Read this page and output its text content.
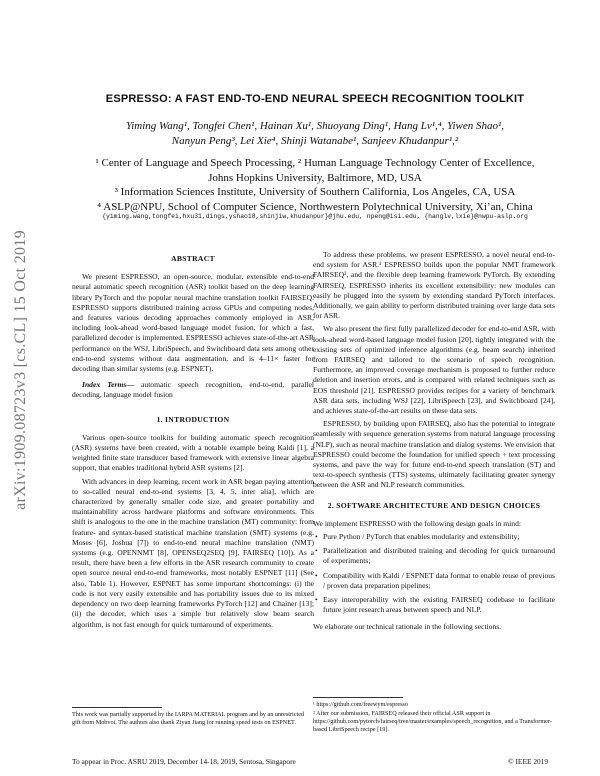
arXiv:1909.08723v3 [cs.CL] 15 Oct 2019
ESPRESSO: A FAST END-TO-END NEURAL SPEECH RECOGNITION TOOLKIT
Yiming Wang¹, Tongfei Chen¹, Hainan Xu¹, Shuoyang Ding¹, Hang Lv¹,⁴, Yiwen Shao¹,
Nanyun Peng³, Lei Xie⁴, Shinji Watanabe¹, Sanjeev Khudanpur¹,²
¹ Center of Language and Speech Processing, ² Human Language Technology Center of Excellence,
Johns Hopkins University, Baltimore, MD, USA
³ Information Sciences Institute, University of Southern California, Los Angeles, CA, USA
⁴ ASLP@NPU, School of Computer Science, Northwestern Polytechnical University, Xi’an, China
{yiming.wang,tongfei,hxu31,dings,yshao18,shinjiw,khudanpur}@jhu.edu, npeng@isi.edu, {hanglv,lxie}@nwpu-aslp.org
ABSTRACT
We present ESPRESSO, an open-source, modular, extensible end-to-end neural automatic speech recognition (ASR) toolkit based on the deep learning library PyTorch and the popular neural machine translation toolkit FAIRSEQ. ESPRESSO supports distributed training across GPUs and computing nodes, and features various decoding approaches commonly employed in ASR, including look-ahead word-based language model fusion, for which a fast, parallelized decoder is implemented. ESPRESSO achieves state-of-the-art ASR performance on the WSJ, LibriSpeech, and Switchboard data sets among other end-to-end systems without data augmentation, and is 4–11× faster for decoding than similar systems (e.g. ESPNET).
Index Terms— automatic speech recognition, end-to-end, parallel decoding, language model fusion
1. INTRODUCTION
Various open-source toolkits for building automatic speech recognition (ASR) systems have been created, with a notable example being Kaldi [1], a weighted finite state transducer based framework with extensive linear algebra support, that enables traditional hybrid ASR systems [2].
With advances in deep learning, recent work in ASR began paying attention to so-called neural end-to-end systems [3, 4, 5, inter alia], which are characterized by generally smaller code size, and greater portability and maintainability across hardware platforms and software environments. This shift is analogous to the one in the machine translation (MT) community: from feature- and syntax-based statistical machine translation (SMT) systems (e.g. Moses [6], Joshua [7]) to end-to-end neural machine translation (NMT) systems (e.g. OPENNMT [8], OPENSEQ2SEQ [9], FAIRSEQ [10]). As a result, there have been a few efforts in the ASR research community to create open source neural end-to-end frameworks, most notably ESPNET [11] (See also, Table 1). However, ESPNET has some important shortcomings: (i) the code is not very easily extensible and has portability issues due to its mixed dependency on two deep learning frameworks PyTorch [12] and Chainer [13]; (ii) the decoder, which uses a simple but relatively slow beam search algorithm, is not fast enough for quick turnaround of experiments.
This work was partially supported by the IARPA MATERIAL program and by an unrestricted gift from Mobvoi. The authors also thank Ziyan Jiang for running speed tests on ESPNET.
To address these problems, we present ESPRESSO, a novel neural end-to-end system for ASR.¹ ESPRESSO builds upon the popular NMT framework FAIRSEQ², and the flexible deep learning framework PyTorch. By extending FAIRSEQ, ESPRESSO inherits its excellent extensibility: new modules can easily be plugged into the system by extending standard PyTorch interfaces. Additionally, we gain ability to perform distributed training over large data sets for ASR.
We also present the first fully parallelized decoder for end-to-end ASR, with look-ahead word-based language model fusion [20], tightly integrated with the existing sets of optimized inference algorithms (e.g. beam search) inherited from FAIRSEQ and tailored to the scenario of speech recognition. Furthermore, an improved coverage mechanism is proposed to further reduce deletion and insertion errors, and is compared with related techniques such as EOS threshold [21]. ESPRESSO provides recipes for a variety of benchmark ASR data sets, including WSJ [22], LibriSpeech [23], and Switchboard [24], and achieves state-of-the-art results on these data sets.
ESPRESSO, by building upon FAIRSEQ, also has the potential to integrate seamlessly with sequence generation systems from natural language processing (NLP), such as neural machine translation and dialog systems. We envision that ESPRESSO could become the foundation for unified speech + text processing systems, and pave the way for future end-to-end speech translation (ST) and text-to-speech synthesis (TTS) systems, ultimately facilitating greater synergy between the ASR and NLP research communities.
2. SOFTWARE ARCHITECTURE AND DESIGN CHOICES
We implement ESPRESSO with the following design goals in mind:
• Pure Python / PyTorch that enables modularity and extensibility;
• Parallelization and distributed training and decoding for quick turnaround of experiments;
• Compatibility with Kaldi / ESPNET data format to enable reuse of previous / proven data preparation pipelines;
• Easy interoperability with the existing FAIRSEQ codebase to facilitate future joint research areas between speech and NLP.
We elaborate our technical rationale in the following sections.
¹ https://github.com/freewym/espresso
² After our submission, FAIRSEQ released their official ASR support in https://github.com/pytorch/fairseq/tree/master/examples/speech_recognition, and a Transformer-based LibriSpeech recipe [19].
To appear in Proc. ASRU 2019, December 14-18, 2019, Sentosa, Singapore	© IEEE 2019
